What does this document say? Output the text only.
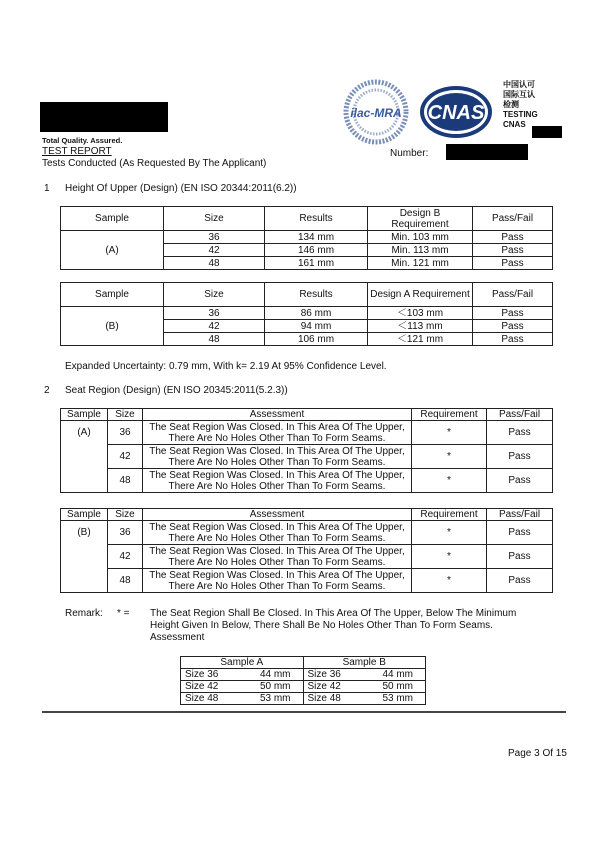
Total Quality. Assured.
TEST REPORT
Tests Conducted (As Requested By The Applicant)
Number:
ilac-MRA CNAS
中国认可
国际互认
检测
TESTING
CNAS
1 Height Of Upper (Design) (EN ISO 20344:2011(6.2))
Sample	Size	Results	Design B Requirement	Pass/Fail
(A)	36	134 mm	Min. 103 mm	Pass
	42	146 mm	Min. 113 mm	Pass
	48	161 mm	Min. 121 mm	Pass
Sample	Size	Results	Design A Requirement	Pass/Fail
(B)	36	86 mm	＜103 mm	Pass
	42	94 mm	＜113 mm	Pass
	48	106 mm	＜121 mm	Pass
Expanded Uncertainty: 0.79 mm, With k= 2.19 At 95% Confidence Level.
2 Seat Region (Design) (EN ISO 20345:2011(5.2.3))
Sample	Size	Assessment	Requirement	Pass/Fail
(A)	36	The Seat Region Was Closed. In This Area Of The Upper,
There Are No Holes Other Than To Form Seams.	*	Pass
	42	The Seat Region Was Closed. In This Area Of The Upper,
There Are No Holes Other Than To Form Seams.	*	Pass
	48	The Seat Region Was Closed. In This Area Of The Upper,
There Are No Holes Other Than To Form Seams.	*	Pass
Sample	Size	Assessment	Requirement	Pass/Fail
(B)	36	The Seat Region Was Closed. In This Area Of The Upper,
There Are No Holes Other Than To Form Seams.	*	Pass
	42	The Seat Region Was Closed. In This Area Of The Upper,
There Are No Holes Other Than To Form Seams.	*	Pass
	48	The Seat Region Was Closed. In This Area Of The Upper,
There Are No Holes Other Than To Form Seams.	*	Pass
Remark: * = The Seat Region Shall Be Closed. In This Area Of The Upper, Below The Minimum
Height Given In Below, There Shall Be No Holes Other Than To Form Seams.
Assessment
Sample A		Sample B	
Size 36	44 mm	Size 36	44 mm
Size 42	50 mm	Size 42	50 mm
Size 48	53 mm	Size 48	53 mm
Page 3 Of 15
